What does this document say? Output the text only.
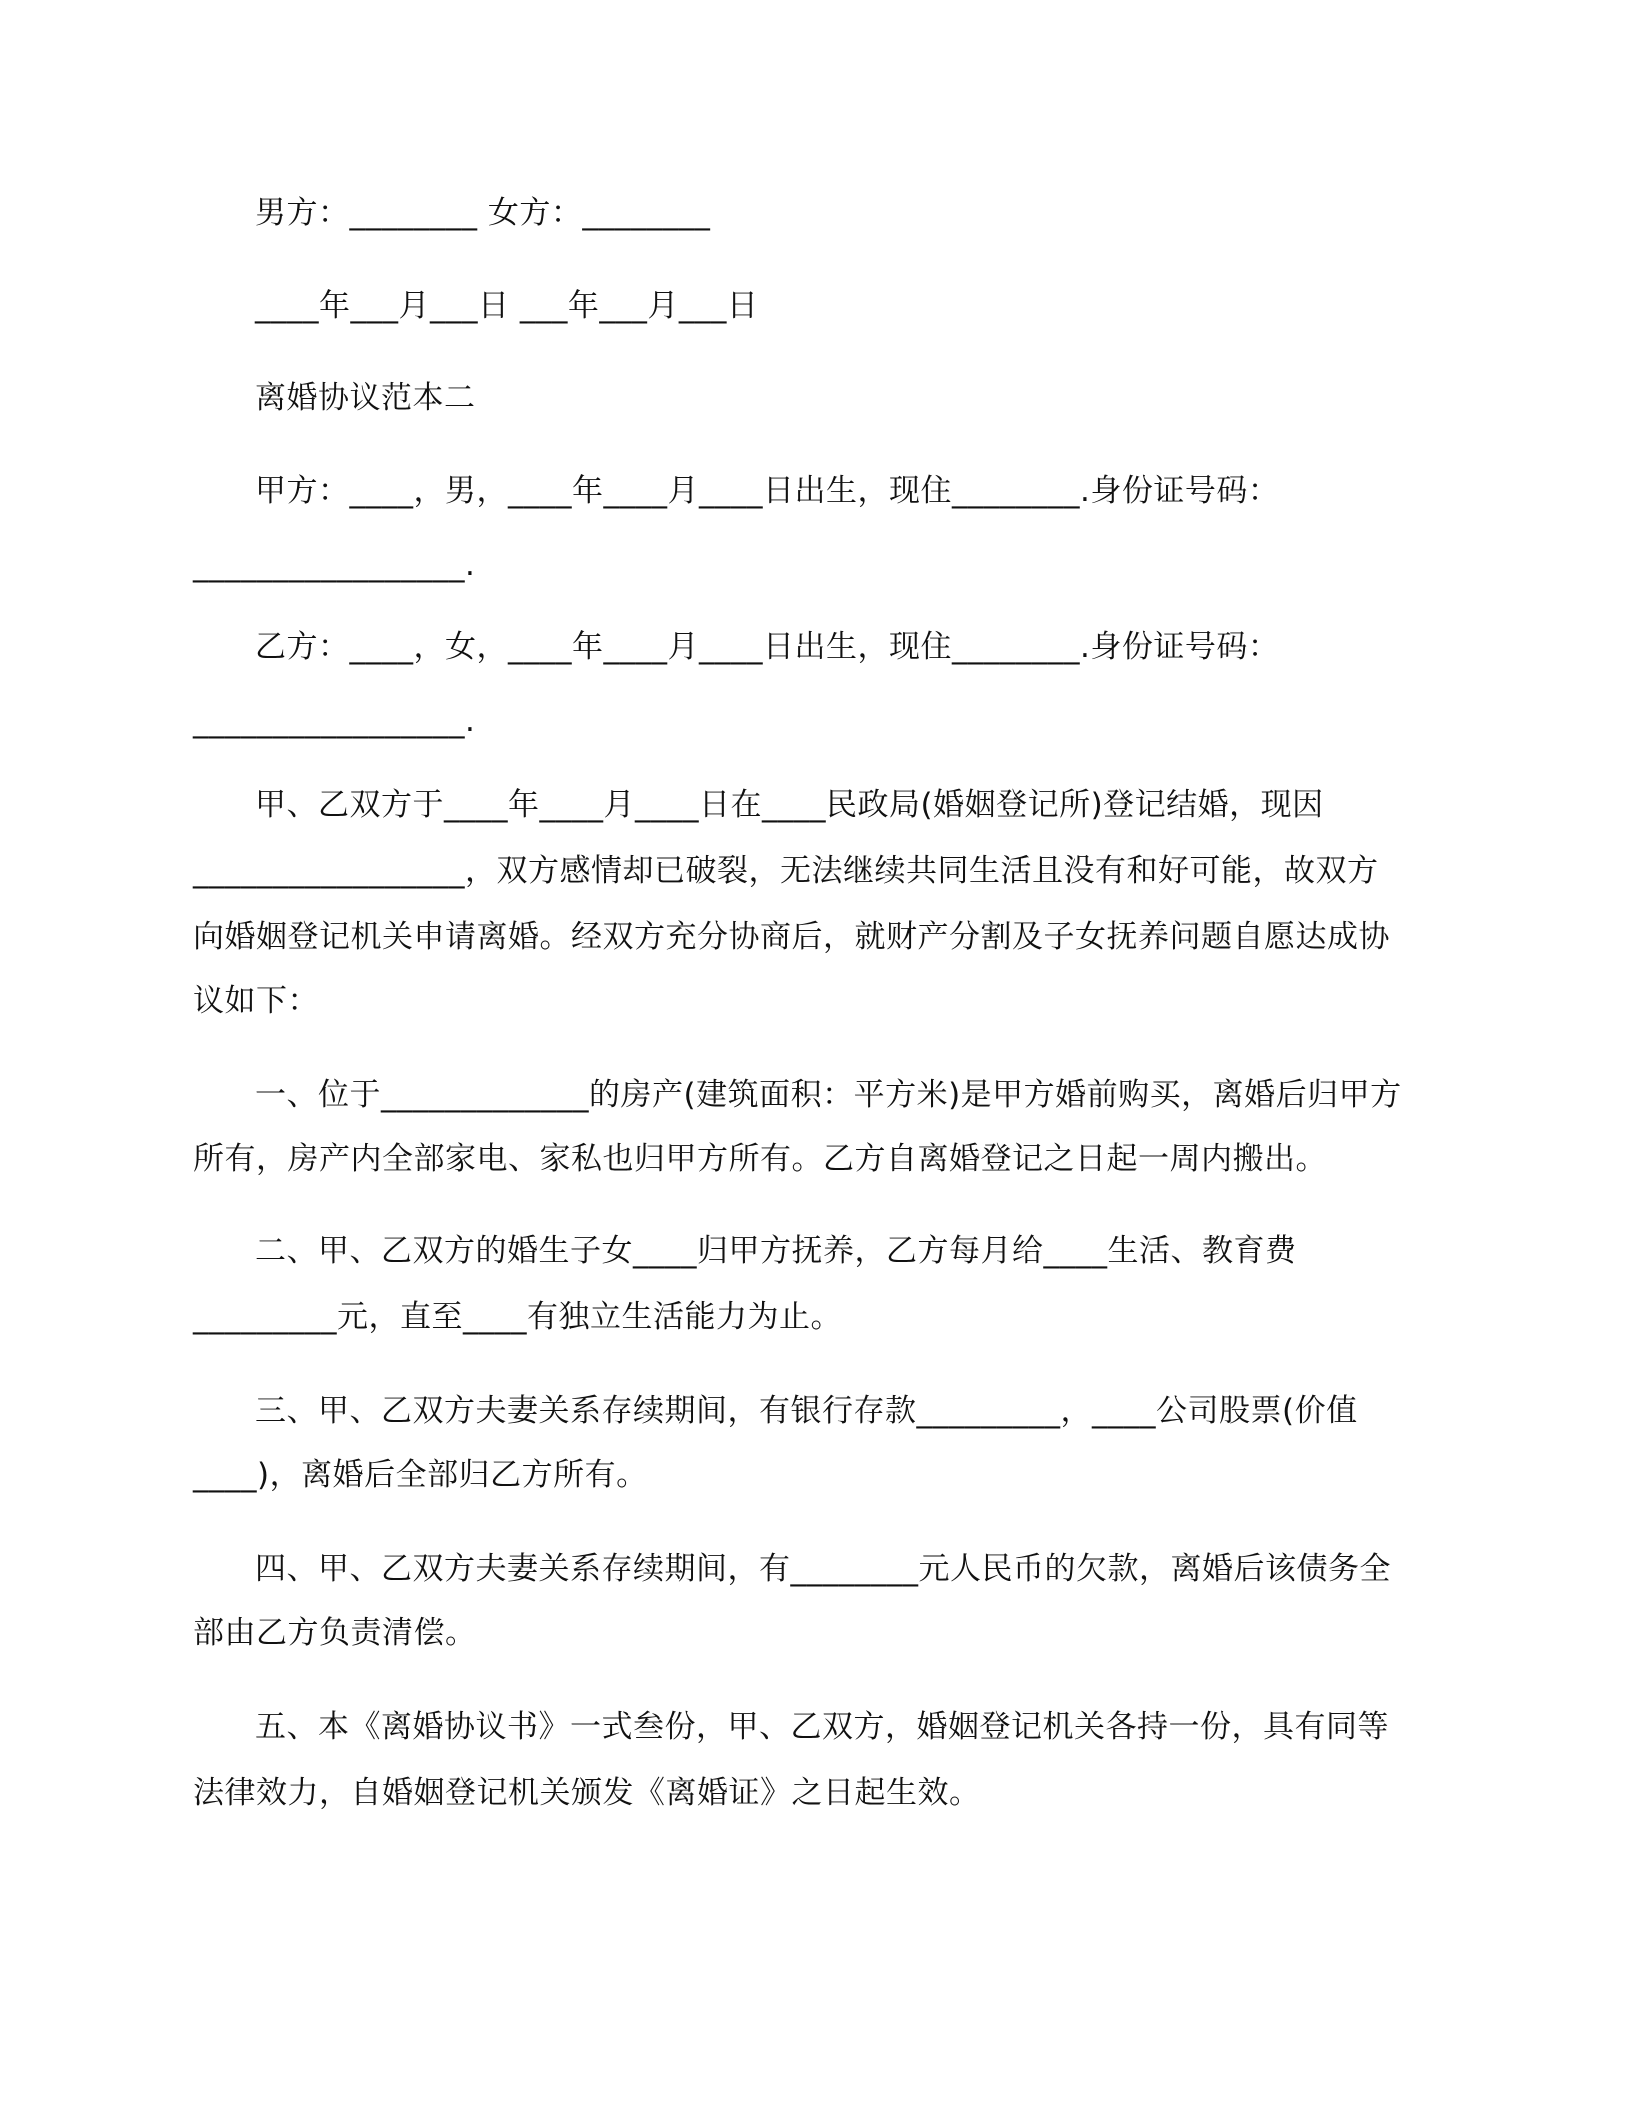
男方：________ 女方：________
____年___月___日 ___年___月___日
离婚协议范本二
甲方：____，男，____年____月____日出生，现住________.身份证号码：
_________________.
乙方：____，女，____年____月____日出生，现住________.身份证号码：
_________________.
甲、乙双方于____年____月____日在____民政局(婚姻登记所)登记结婚，现因
_________________，双方感情却已破裂，无法继续共同生活且没有和好可能，故双方
向婚姻登记机关申请离婚。经双方充分协商后，就财产分割及子女抚养问题自愿达成协
议如下：
一、位于_____________的房产(建筑面积：平方米)是甲方婚前购买，离婚后归甲方
所有，房产内全部家电、家私也归甲方所有。乙方自离婚登记之日起一周内搬出。
二、甲、乙双方的婚生子女____归甲方抚养，乙方每月给____生活、教育费
_________元，直至____有独立生活能力为止。
三、甲、乙双方夫妻关系存续期间，有银行存款_________，____公司股票(价值
____)，离婚后全部归乙方所有。
四、甲、乙双方夫妻关系存续期间，有________元人民币的欠款，离婚后该债务全
部由乙方负责清偿。
五、本《离婚协议书》一式叁份，甲、乙双方，婚姻登记机关各持一份，具有同等
法律效力，自婚姻登记机关颁发《离婚证》之日起生效。
